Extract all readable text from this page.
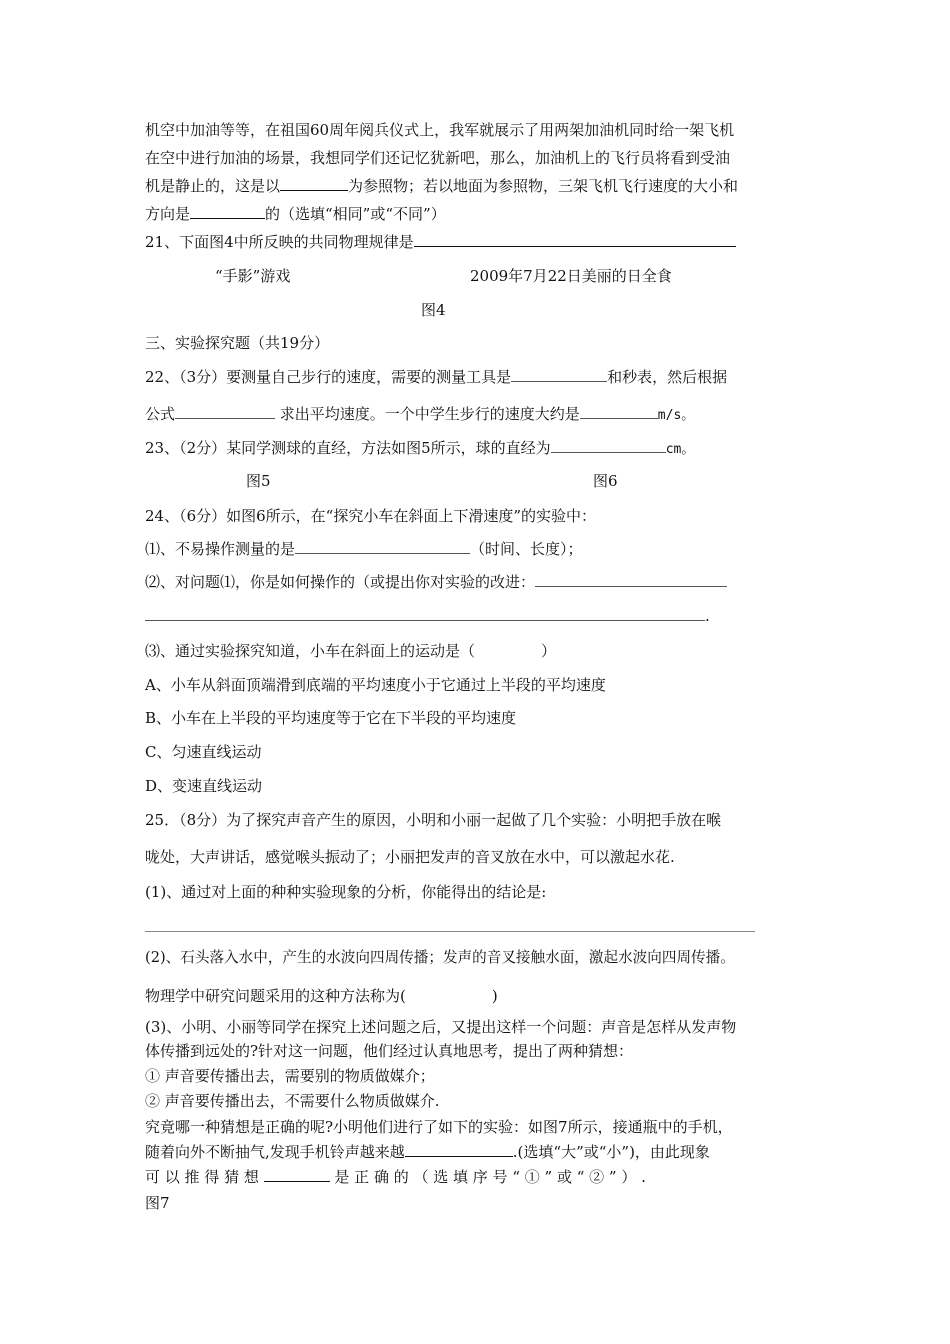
机空中加油等等，在祖国60周年阅兵仪式上，我军就展示了用两架加油机同时给一架飞机
在空中进行加油的场景，我想同学们还记忆犹新吧，那么，加油机上的飞行员将看到受油
机是静止的，这是以	为参照物；若以地面为参照物，三架飞机飞行速度的大小和
方向是	的（选填“相同”或“不同”）
21、下面图4中所反映的共同物理规律是
“手影”游戏	2009年7月22日美丽的日全食
图4
三、实验探究题（共19分）
22、（3分）要测量自己步行的速度，需要的测量工具是	和秒表，然后根据
公式	求出平均速度。一个中学生步行的速度大约是	m/s。
23、（2分）某同学测球的直经，方法如图5所示，球的直经为	cm。
图5	图6
24、（6分）如图6所示，在“探究小车在斜面上下滑速度”的实验中：
⑴、不易操作测量的是	（时间、长度）；
⑵、对问题⑴，你是如何操作的（或提出你对实验的改进：
.
⑶、通过实验探究知道，小车在斜面上的运动是（	）
A、小车从斜面顶端滑到底端的平均速度小于它通过上半段的平均速度
B、小车在上半段的平均速度等于它在下半段的平均速度
C、匀速直线运动
D、变速直线运动
25．（8分）为了探究声音产生的原因，小明和小丽一起做了几个实验：小明把手放在喉
咙处，大声讲话，感觉喉头振动了；小丽把发声的音叉放在水中，可以激起水花.
(1)、通过对上面的种种实验现象的分析，你能得出的结论是:
(2)、石头落入水中，产生的水波向四周传播；发声的音叉接触水面，激起水波向四周传播。
物理学中研究问题采用的这种方法称为(	)
(3)、小明、小丽等同学在探究上述问题之后，又提出这样一个问题：声音是怎样从发声物
体传播到远处的?针对这一问题，他们经过认真地思考，提出了两种猜想：
① 声音要传播出去，需要别的物质做媒介；
② 声音要传播出去，不需要什么物质做媒介.
究竟哪一种猜想是正确的呢?小明他们进行了如下的实验：如图7所示，接通瓶中的手机，
随着向外不断抽气,发现手机铃声越来越	.(选填“大”或“小”)，由此现象
可 以 推 得 猜 想	是 正 确 的 （ 选 填 序 号 “ ① ” 或 “ ② ” ） .
图7
